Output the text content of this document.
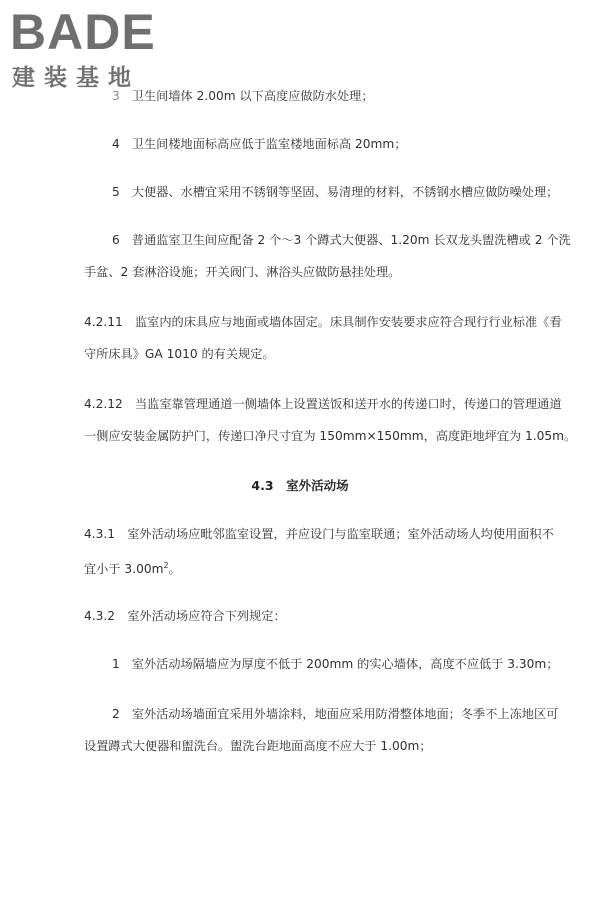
BADE
建装基地
3 卫生间墙体 2.00m 以下高度应做防水处理；
4 卫生间楼地面标高应低于监室楼地面标高 20mm；
5 大便器、水槽宜采用不锈钢等坚固、易清理的材料，不锈钢水槽应做防噪处理；
6 普通监室卫生间应配备 2 个～3 个蹲式大便器、1.20m 长双龙头盥洗槽或 2 个洗
手盆、2 套淋浴设施；开关阀门、淋浴头应做防悬挂处理。
4.2.11　监室内的床具应与地面或墙体固定。床具制作安装要求应符合现行行业标准《看
守所床具》GA 1010 的有关规定。
4.2.12　当监室靠管理通道一侧墙体上设置送饭和送开水的传递口时，传递口的管理通道
一侧应安装金属防护门，传递口净尺寸宜为 150mm×150mm，高度距地坪宜为 1.05m。
4.3　室外活动场
4.3.1　室外活动场应毗邻监室设置，并应设门与监室联通；室外活动场人均使用面积不
宜小于 $3.00m^2$。
4.3.2　室外活动场应符合下列规定：
1 室外活动场隔墙应为厚度不低于 200mm 的实心墙体，高度不应低于 3.30m；
2 室外活动场墙面宜采用外墙涂料，地面应采用防滑整体地面；冬季不上冻地区可
设置蹲式大便器和盥洗台。盥洗台距地面高度不应大于 1.00m；
